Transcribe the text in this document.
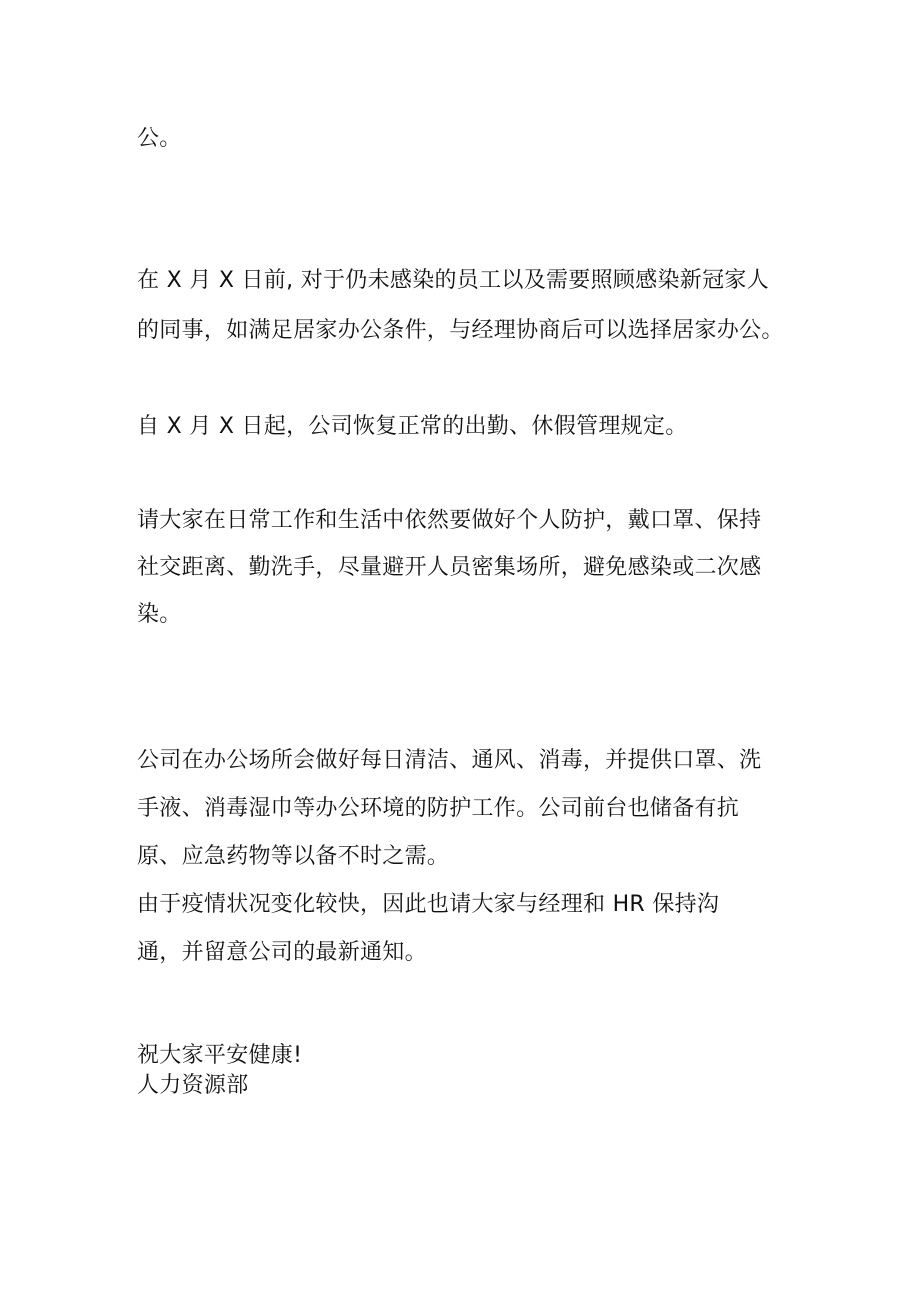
公。
在 X 月 X 日前, 对于仍未感染的员工以及需要照顾感染新冠家人
的同事，如满足居家办公条件，与经理协商后可以选择居家办公。
自 X 月 X 日起，公司恢复正常的出勤、休假管理规定。
请大家在日常工作和生活中依然要做好个人防护，戴口罩、保持
社交距离、勤洗手，尽量避开人员密集场所，避免感染或二次感
染。
公司在办公场所会做好每日清洁、通风、消毒，并提供口罩、洗
手液、消毒湿巾等办公环境的防护工作。公司前台也储备有抗
原、应急药物等以备不时之需。
由于疫情状况变化较快，因此也请大家与经理和 HR 保持沟
通，并留意公司的最新通知。
祝大家平安健康!
人力资源部
